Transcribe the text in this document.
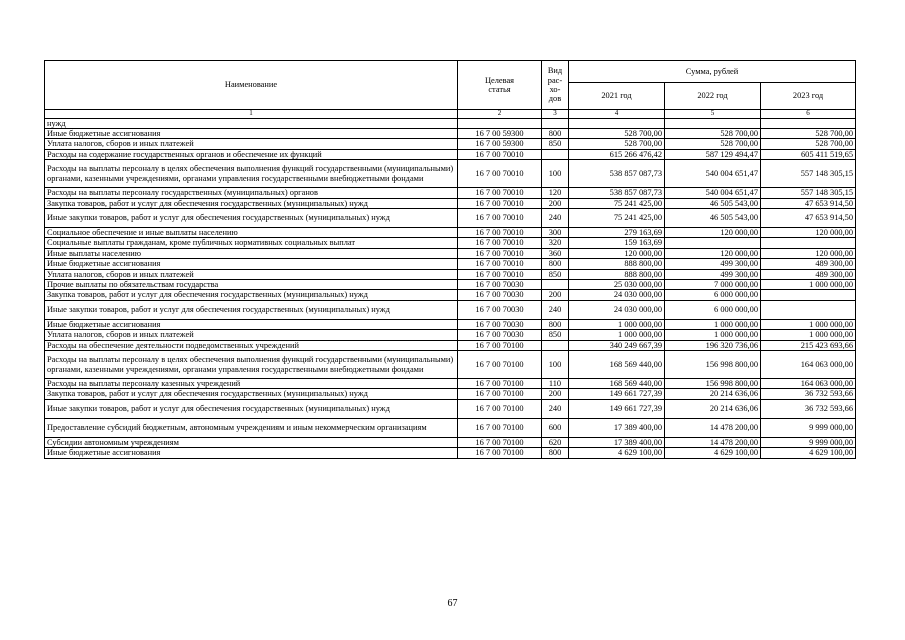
Наименование	Целевая
статья	Вид
рас-
хо-
дов	Сумма, рублей		
			2021 год	2022 год	2023 год
1	2	3	4	5	6
нужд					
Иные бюджетные ассигнования	16 7 00 59300	800	528 700,00	528 700,00	528 700,00
Уплата налогов, сборов и иных платежей	16 7 00 59300	850	528 700,00	528 700,00	528 700,00
Расходы на содержание государственных органов и обеспечение их функций	16 7 00 70010		615 266 476,42	587 129 494,47	605 411 519,65
Расходы на выплаты персоналу в целях обеспечения выполнения функций государственными (муниципальными) органами, казенными учреждениями, органами управления государственными внебюджетными фондами	16 7 00 70010	100	538 857 087,73	540 004 651,47	557 148 305,15
Расходы на выплаты персоналу государственных (муниципальных) органов	16 7 00 70010	120	538 857 087,73	540 004 651,47	557 148 305,15
Закупка товаров, работ и услуг для обеспечения государственных (муниципальных) нужд	16 7 00 70010	200	75 241 425,00	46 505 543,00	47 653 914,50
Иные закупки товаров, работ и услуг для обеспечения государственных (муниципальных) нужд	16 7 00 70010	240	75 241 425,00	46 505 543,00	47 653 914,50
Социальное обеспечение и иные выплаты населению	16 7 00 70010	300	279 163,69	120 000,00	120 000,00
Социальные выплаты гражданам, кроме публичных нормативных социальных выплат	16 7 00 70010	320	159 163,69		
Иные выплаты населению	16 7 00 70010	360	120 000,00	120 000,00	120 000,00
Иные бюджетные ассигнования	16 7 00 70010	800	888 800,00	499 300,00	489 300,00
Уплата налогов, сборов и иных платежей	16 7 00 70010	850	888 800,00	499 300,00	489 300,00
Прочие выплаты по обязательствам государства	16 7 00 70030		25 030 000,00	7 000 000,00	1 000 000,00
Закупка товаров, работ и услуг для обеспечения государственных (муниципальных) нужд	16 7 00 70030	200	24 030 000,00	6 000 000,00	
Иные закупки товаров, работ и услуг для обеспечения государственных (муниципальных) нужд	16 7 00 70030	240	24 030 000,00	6 000 000,00	
Иные бюджетные ассигнования	16 7 00 70030	800	1 000 000,00	1 000 000,00	1 000 000,00
Уплата налогов, сборов и иных платежей	16 7 00 70030	850	1 000 000,00	1 000 000,00	1 000 000,00
Расходы на обеспечение деятельности подведомственных учреждений	16 7 00 70100		340 249 667,39	196 320 736,06	215 423 693,66
Расходы на выплаты персоналу в целях обеспечения выполнения функций государственными (муниципальными) органами, казенными учреждениями, органами управления государственными внебюджетными фондами	16 7 00 70100	100	168 569 440,00	156 998 800,00	164 063 000,00
Расходы на выплаты персоналу казенных учреждений	16 7 00 70100	110	168 569 440,00	156 998 800,00	164 063 000,00
Закупка товаров, работ и услуг для обеспечения государственных (муниципальных) нужд	16 7 00 70100	200	149 661 727,39	20 214 636,06	36 732 593,66
Иные закупки товаров, работ и услуг для обеспечения государственных (муниципальных) нужд	16 7 00 70100	240	149 661 727,39	20 214 636,06	36 732 593,66
Предоставление субсидий бюджетным, автономным учреждениям и иным некоммерческим организациям	16 7 00 70100	600	17 389 400,00	14 478 200,00	9 999 000,00
Субсидии автономным учреждениям	16 7 00 70100	620	17 389 400,00	14 478 200,00	9 999 000,00
Иные бюджетные ассигнования	16 7 00 70100	800	4 629 100,00	4 629 100,00	4 629 100,00
67
